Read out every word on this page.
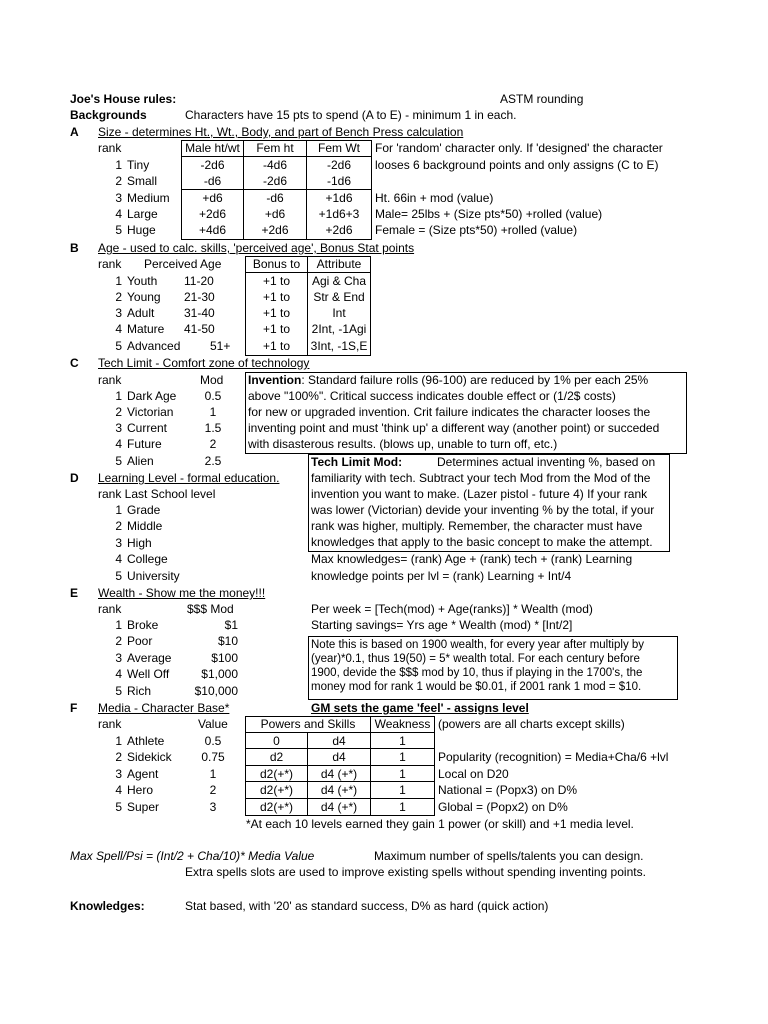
Joe's House rules:	ASTM rounding
Backgrounds	Characters have 15 pts to spend (A to E) - minimum 1 in each.
A Size - determines Ht., Wt., Body, and part of Bench Press calculation
rank	Male ht/wt	Fem ht	Fem Wt
1 Tiny	-2d6	-4d6	-2d6
2 Small	-d6	-2d6	-1d6
3 Medium	+d6	-d6	+1d6
4 Large	+2d6	+d6	+1d6+3
5 Huge	+4d6	+2d6	+2d6
For 'random' character only. If 'designed' the character
looses 6 background points and only assigns (C to E)
Ht. 66in + mod (value)
Male= 25lbs + (Size pts*50) +rolled (value)
Female = (Size pts*50) +rolled (value)
B Age - used to calc. skills, 'perceived age', Bonus Stat points
rank Perceived Age	Bonus to	Attribute
1 Youth 11-20	+1 to	Agi & Cha
2 Young 21-30	+1 to	Str & End
3 Adult 31-40	+1 to	Int
4 Mature 41-50	+1 to	2Int, -1Agi
5 Advanced 51+	+1 to	3Int, -1S,E
C Tech Limit - Comfort zone of technology
rank	Mod
1 Dark Age	0.5
2 Victorian	1
3 Current	1.5
4 Future	2
5 Alien	2.5
Invention: Standard failure rolls (96-100) are reduced by 1% per each 25%
above "100%". Critical success indicates double effect or (1/2$ costs)
for new or upgraded invention. Crit failure indicates the character looses the
inventing point and must 'think up' a different way (another point) or succeded
with disasterous results. (blows up, unable to turn off, etc.)
Tech Limit Mod:	Determines actual inventing %, based on
familiarity with tech. Subtract your tech Mod from the Mod of the
invention you want to make. (Lazer pistol - future 4) If your rank
was lower (Victorian) devide your inventing % by the total, if your
rank was higher, multiply. Remember, the character must have
knowledges that apply to the basic concept to make the attempt.
D Learning Level - formal education.
rank Last School level
1 Grade
2 Middle
3 High
4 College
5 University
Max knowledges= (rank) Age + (rank) tech + (rank) Learning
knowledge points per lvl = (rank) Learning + Int/4
E Wealth - Show me the money!!!
rank	$$$ Mod
1 Broke	$1
2 Poor	$10
3 Average	$100
4 Well Off	$1,000
5 Rich	$10,000
Per week = [Tech(mod) + Age(ranks)] * Wealth (mod)
Starting savings= Yrs age * Wealth (mod) * [Int/2]
Note this is based on 1900 wealth, for every year after multiply by
(year)*0.1, thus 19(50) = 5* wealth total. For each century before
1900, devide the $$$ mod by 10, thus if playing in the 1700's, the
money mod for rank 1 would be $0.01, if 2001 rank 1 mod = $10.
F Media - Character Base*	GM sets the game 'feel' - assigns level
rank	Value	Powers and Skills	Weakness (powers are all charts except skills)
1 Athlete	0.5	0	d4	1
2 Sidekick	0.75	d2	d4	1	Popularity (recognition) = Media+Cha/6 +lvl
3 Agent	1	d2(+*)	d4 (+*)	1	Local on D20
4 Hero	2	d2(+*)	d4 (+*)	1	National = (Popx3) on D%
5 Super	3	d2(+*)	d4 (+*)	1	Global = (Popx2) on D%
*At each 10 levels earned they gain 1 power (or skill) and +1 media level.
Max Spell/Psi = (Int/2 + Cha/10)* Media Value	Maximum number of spells/talents you can design.
Extra spells slots are used to improve existing spells without spending inventing points.
Knowledges:	Stat based, with '20' as standard success, D% as hard (quick action)
